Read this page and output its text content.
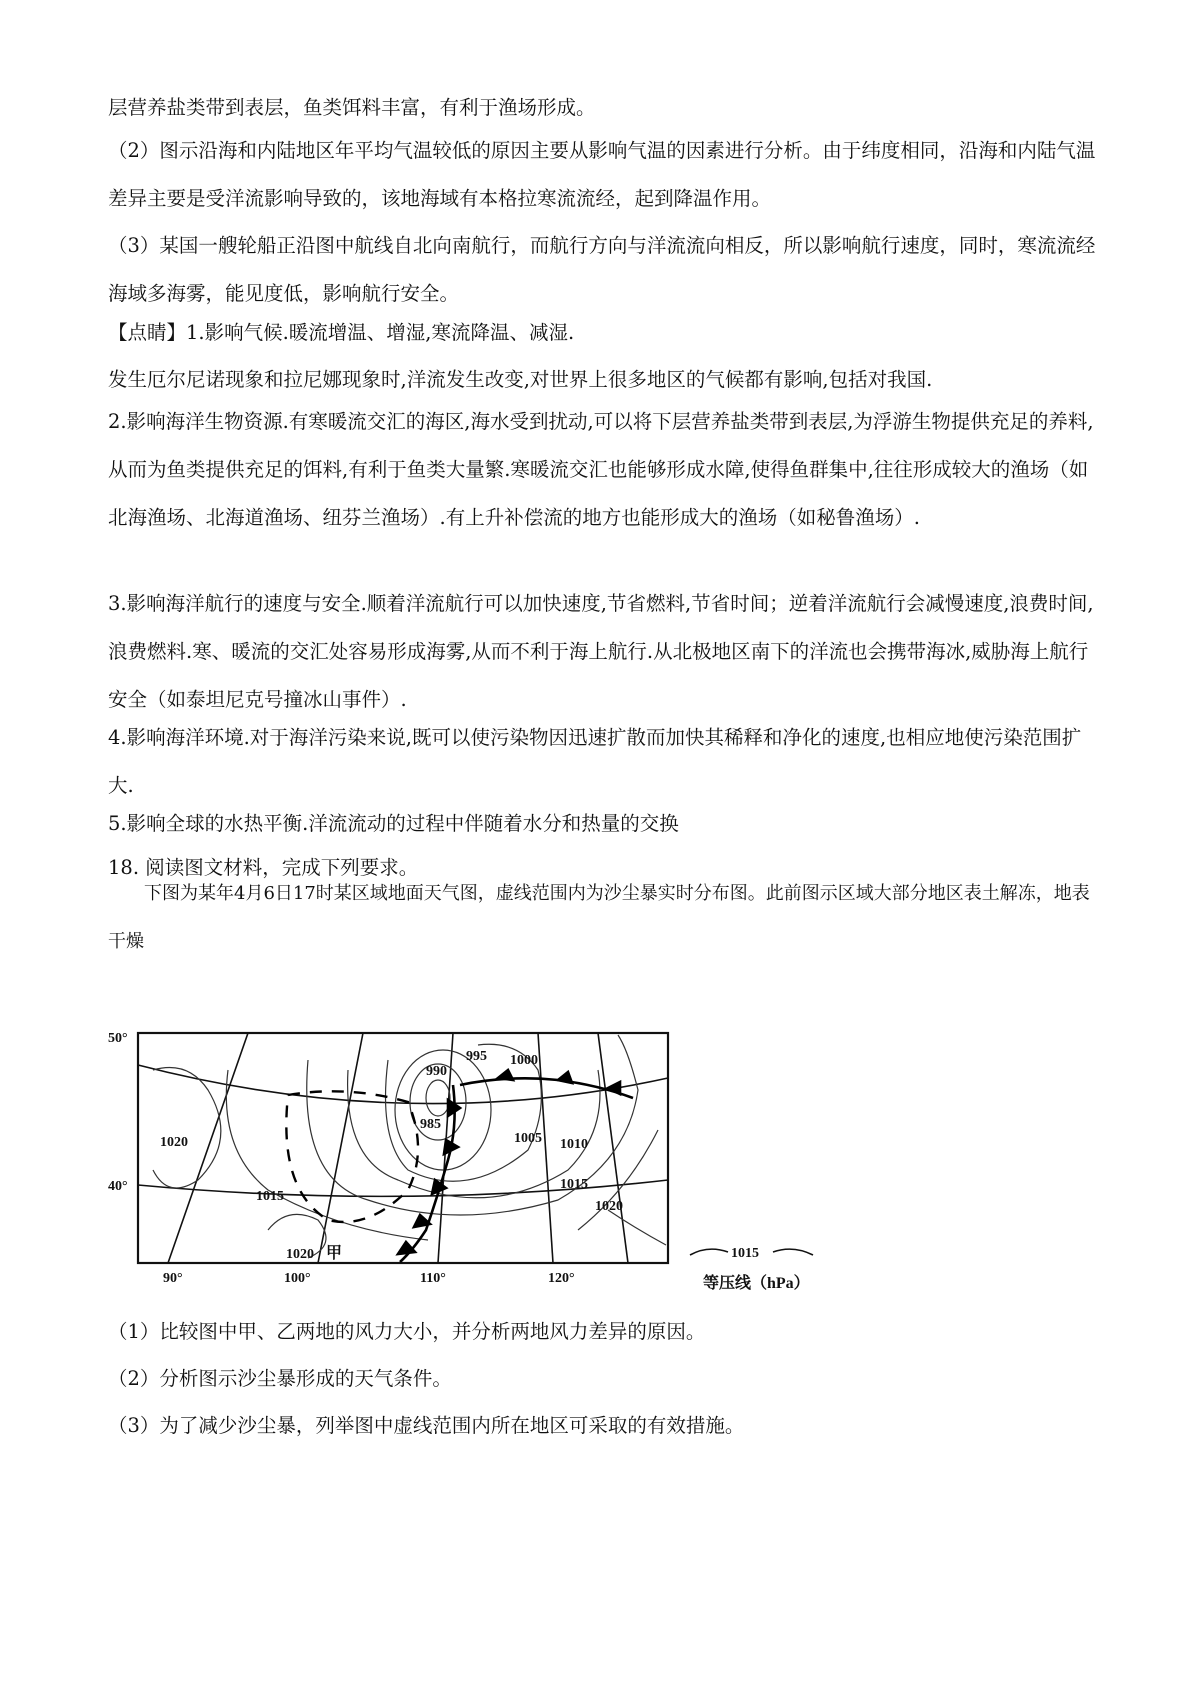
层营养盐类带到表层，鱼类饵料丰富，有利于渔场形成。

（2）图示沿海和内陆地区年平均气温较低的原因主要从影响气温的因素进行分析。由于纬度相同，沿海和内陆气温差异主要是受洋流影响导致的，该地海域有本格拉寒流流经，起到降温作用。

（3）某国一艘轮船正沿图中航线自北向南航行，而航行方向与洋流流向相反，所以影响航行速度，同时，寒流流经海域多海雾，能见度低，影响航行安全。

【点睛】1.影响气候.暖流增温、增湿,寒流降温、减湿.

发生厄尔尼诺现象和拉尼娜现象时,洋流发生改变,对世界上很多地区的气候都有影响,包括对我国.

2.影响海洋生物资源.有寒暖流交汇的海区,海水受到扰动,可以将下层营养盐类带到表层,为浮游生物提供充足的养料,从而为鱼类提供充足的饵料,有利于鱼类大量繁.寒暖流交汇也能够形成水障,使得鱼群集中,往往形成较大的渔场（如北海渔场、北海道渔场、纽芬兰渔场）.有上升补偿流的地方也能形成大的渔场（如秘鲁渔场）.

3.影响海洋航行的速度与安全.顺着洋流航行可以加快速度,节省燃料,节省时间；逆着洋流航行会减慢速度,浪费时间,浪费燃料.寒、暖流的交汇处容易形成海雾,从而不利于海上航行.从北极地区南下的洋流也会携带海冰,威胁海上航行安全（如泰坦尼克号撞冰山事件）.

4.影响海洋环境.对于海洋污染来说,既可以使污染物因迅速扩散而加快其稀释和净化的速度,也相应地使污染范围扩大.

5.影响全球的水热平衡.洋流流动的过程中伴随着水分和热量的交换

18. 阅读图文材料，完成下列要求。

下图为某年4月6日17时某区域地面天气图，虚线范围内为沙尘暴实时分布图。此前图示区域大部分地区表土解冻，地表干燥

50°
40°
90°	100°	110°	120°
990
995 1000
985
1005 1010
1015
1020
1020
1015
1020 甲	1015
等压线（hPa）

（1）比较图中甲、乙两地的风力大小，并分析两地风力差异的原因。

（2）分析图示沙尘暴形成的天气条件。

（3）为了减少沙尘暴，列举图中虚线范围内所在地区可采取的有效措施。
